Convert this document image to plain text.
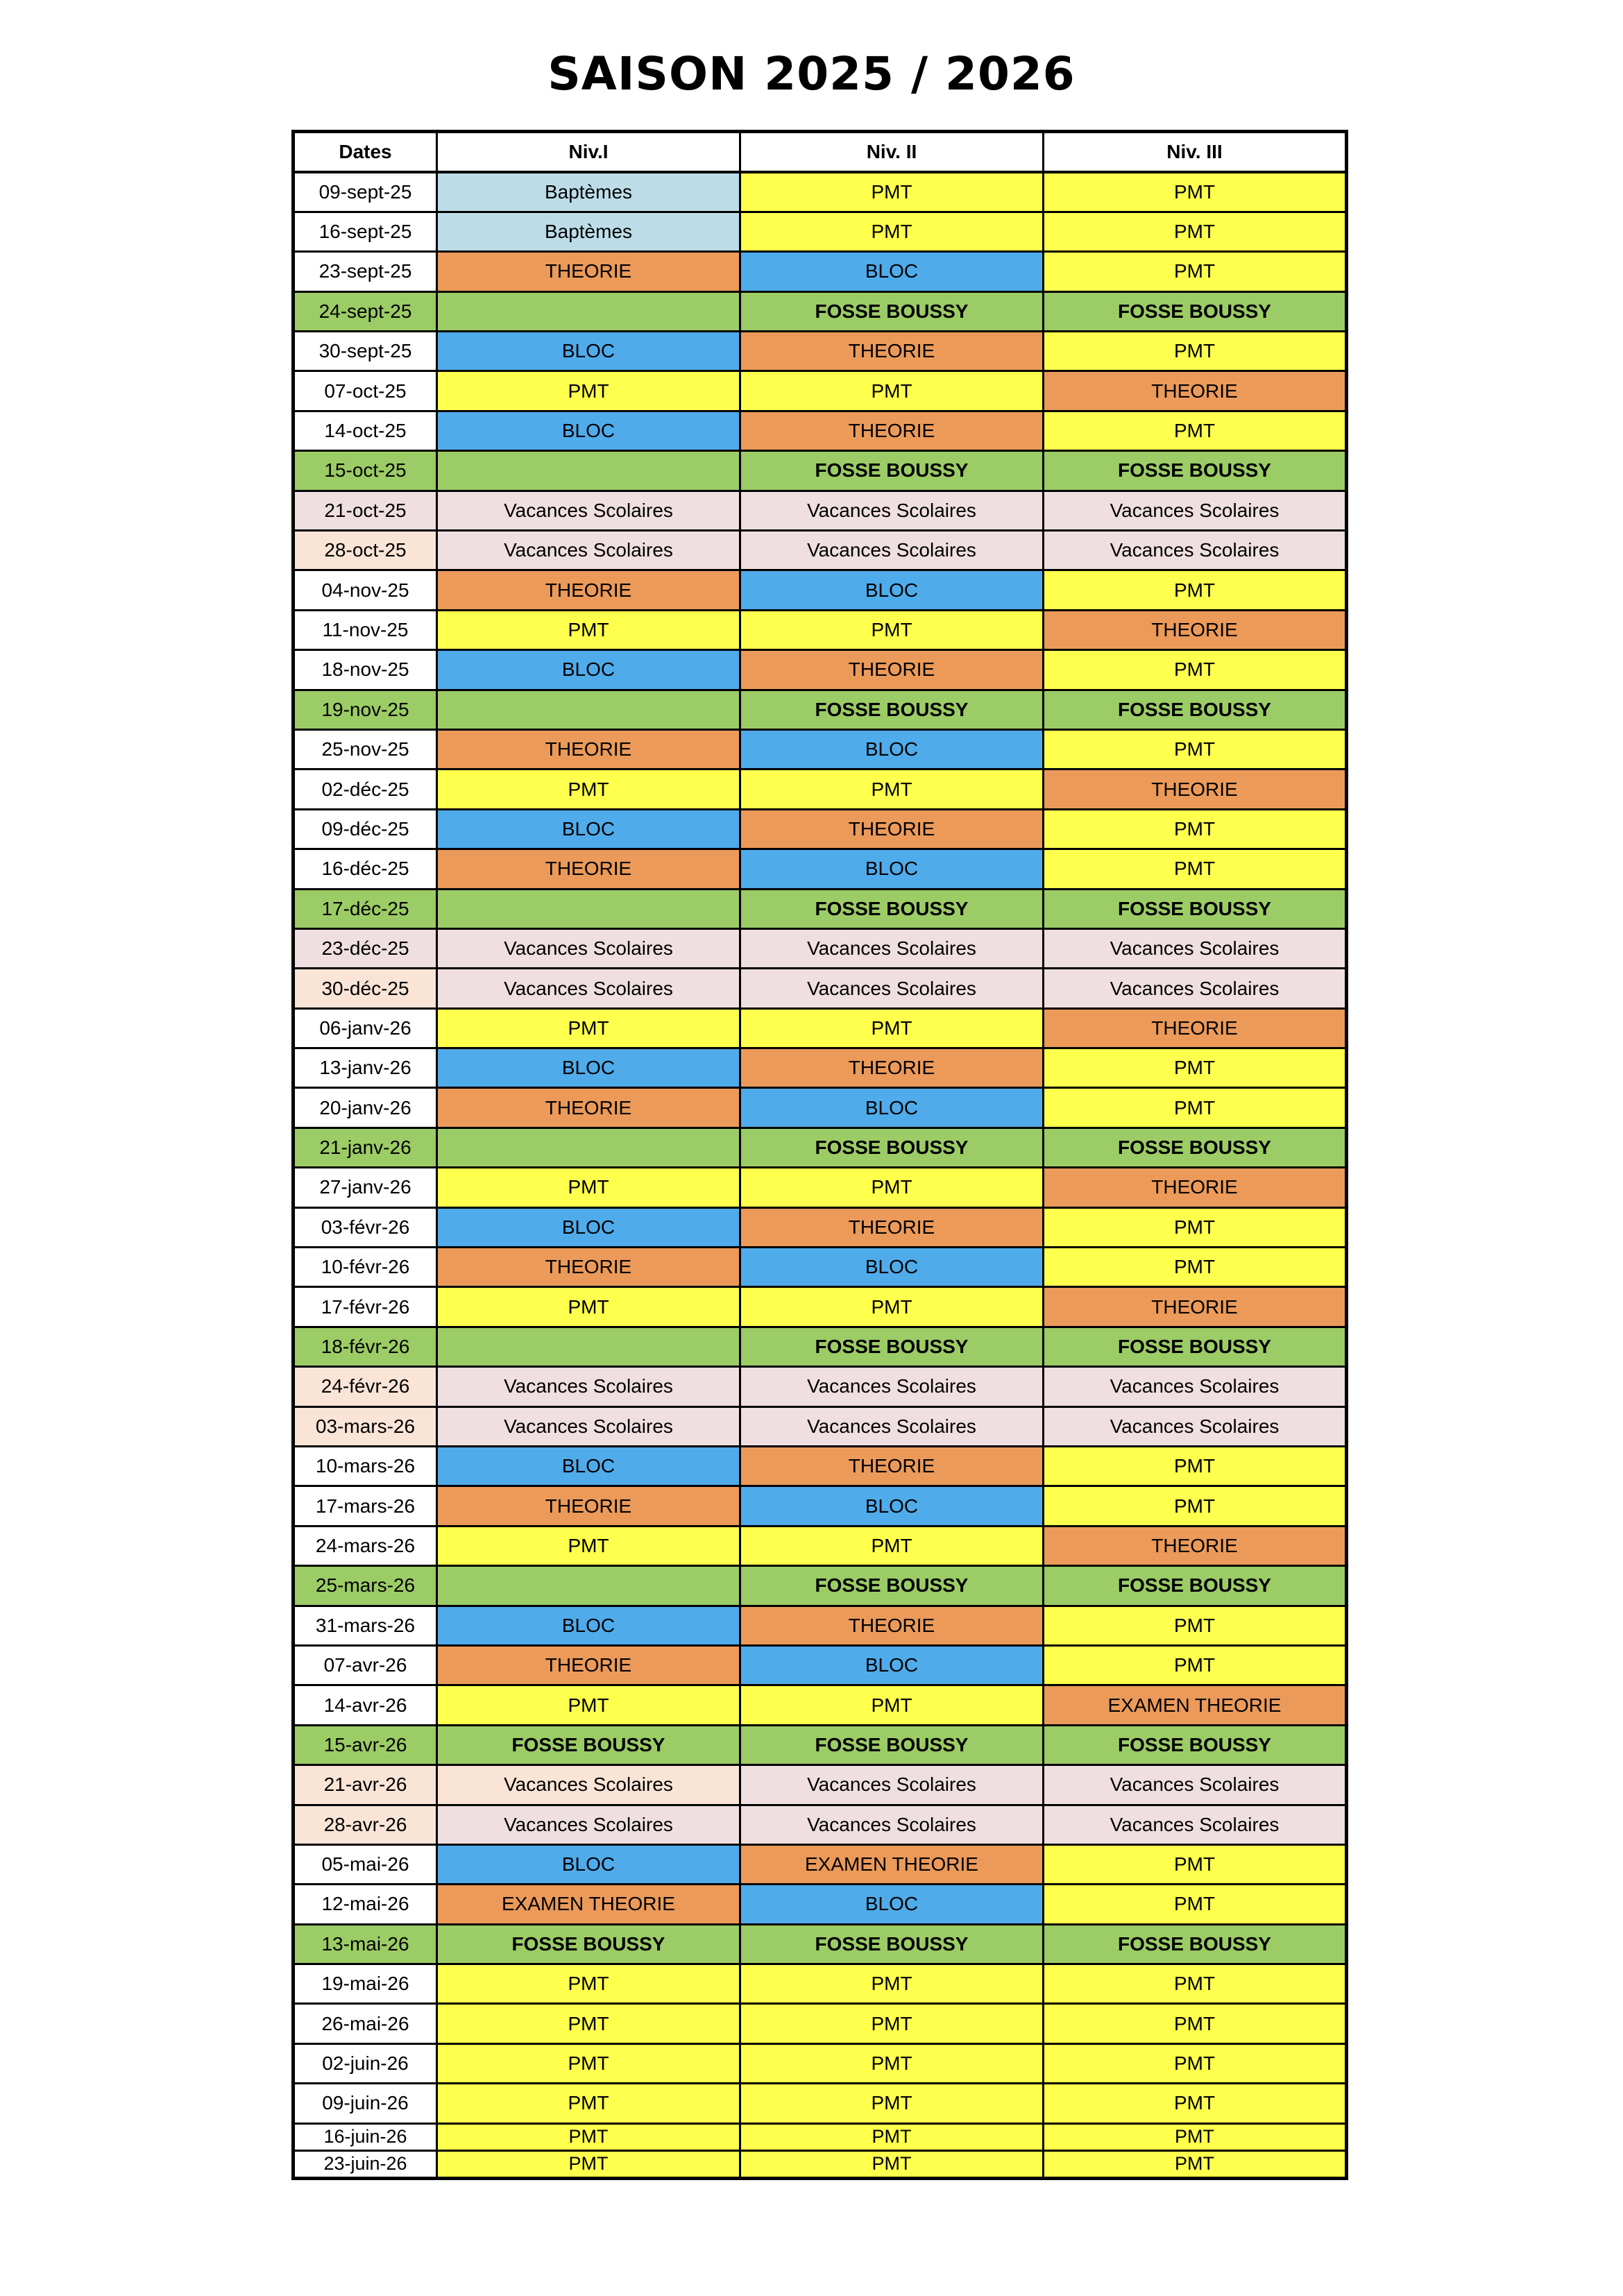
SAISON 2025 / 2026
Dates	Niv.I	Niv. II	Niv. III
09-sept-25	Baptèmes	PMT	PMT
16-sept-25	Baptèmes	PMT	PMT
23-sept-25	THEORIE	BLOC	PMT
24-sept-25		FOSSE BOUSSY	FOSSE BOUSSY
30-sept-25	BLOC	THEORIE	PMT
07-oct-25	PMT	PMT	THEORIE
14-oct-25	BLOC	THEORIE	PMT
15-oct-25		FOSSE BOUSSY	FOSSE BOUSSY
21-oct-25	Vacances Scolaires	Vacances Scolaires	Vacances Scolaires
28-oct-25	Vacances Scolaires	Vacances Scolaires	Vacances Scolaires
04-nov-25	THEORIE	BLOC	PMT
11-nov-25	PMT	PMT	THEORIE
18-nov-25	BLOC	THEORIE	PMT
19-nov-25		FOSSE BOUSSY	FOSSE BOUSSY
25-nov-25	THEORIE	BLOC	PMT
02-déc-25	PMT	PMT	THEORIE
09-déc-25	BLOC	THEORIE	PMT
16-déc-25	THEORIE	BLOC	PMT
17-déc-25		FOSSE BOUSSY	FOSSE BOUSSY
23-déc-25	Vacances Scolaires	Vacances Scolaires	Vacances Scolaires
30-déc-25	Vacances Scolaires	Vacances Scolaires	Vacances Scolaires
06-janv-26	PMT	PMT	THEORIE
13-janv-26	BLOC	THEORIE	PMT
20-janv-26	THEORIE	BLOC	PMT
21-janv-26		FOSSE BOUSSY	FOSSE BOUSSY
27-janv-26	PMT	PMT	THEORIE
03-févr-26	BLOC	THEORIE	PMT
10-févr-26	THEORIE	BLOC	PMT
17-févr-26	PMT	PMT	THEORIE
18-févr-26		FOSSE BOUSSY	FOSSE BOUSSY
24-févr-26	Vacances Scolaires	Vacances Scolaires	Vacances Scolaires
03-mars-26	Vacances Scolaires	Vacances Scolaires	Vacances Scolaires
10-mars-26	BLOC	THEORIE	PMT
17-mars-26	THEORIE	BLOC	PMT
24-mars-26	PMT	PMT	THEORIE
25-mars-26		FOSSE BOUSSY	FOSSE BOUSSY
31-mars-26	BLOC	THEORIE	PMT
07-avr-26	THEORIE	BLOC	PMT
14-avr-26	PMT	PMT	EXAMEN THEORIE
15-avr-26	FOSSE BOUSSY	FOSSE BOUSSY	FOSSE BOUSSY
21-avr-26	Vacances Scolaires	Vacances Scolaires	Vacances Scolaires
28-avr-26	Vacances Scolaires	Vacances Scolaires	Vacances Scolaires
05-mai-26	BLOC	EXAMEN THEORIE	PMT
12-mai-26	EXAMEN THEORIE	BLOC	PMT
13-mai-26	FOSSE BOUSSY	FOSSE BOUSSY	FOSSE BOUSSY
19-mai-26	PMT	PMT	PMT
26-mai-26	PMT	PMT	PMT
02-juin-26	PMT	PMT	PMT
09-juin-26	PMT	PMT	PMT
16-juin-26	PMT	PMT	PMT
23-juin-26	PMT	PMT	PMT
